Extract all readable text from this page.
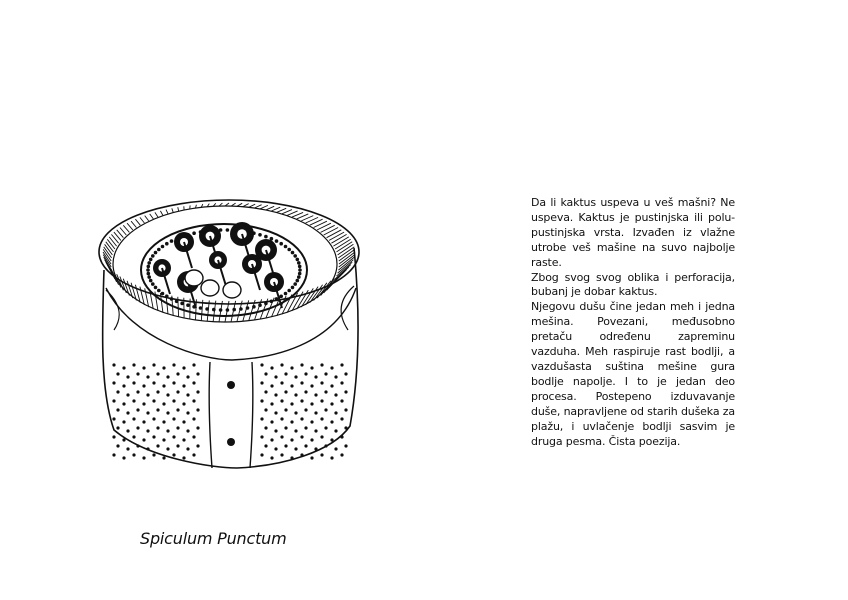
Da li kaktus uspeva u veš mašni? Ne uspeva. Kaktus je pustinjska ili polu-pustinjska vrsta. Izvađen iz vlažne utrobe veš mašine na suvo najbolje raste.

Zbog svog svog oblika i perforacija, bubanj je dobar kaktus.

Njegovu dušu čine jedan meh i jedna mešina. Povezani, međusobno pretaču određenu zapreminu vazduha. Meh raspiruje rast bodlji, a vazdušasta suština mešine gura bodlje napolje. I to je jedan deo procesa. Postepeno izduvavanje duše, napravljene od starih dušeka za plažu, i uvlačenje bodlji sasvim je druga pesma. Čista poezija.

Spiculum Punctum
